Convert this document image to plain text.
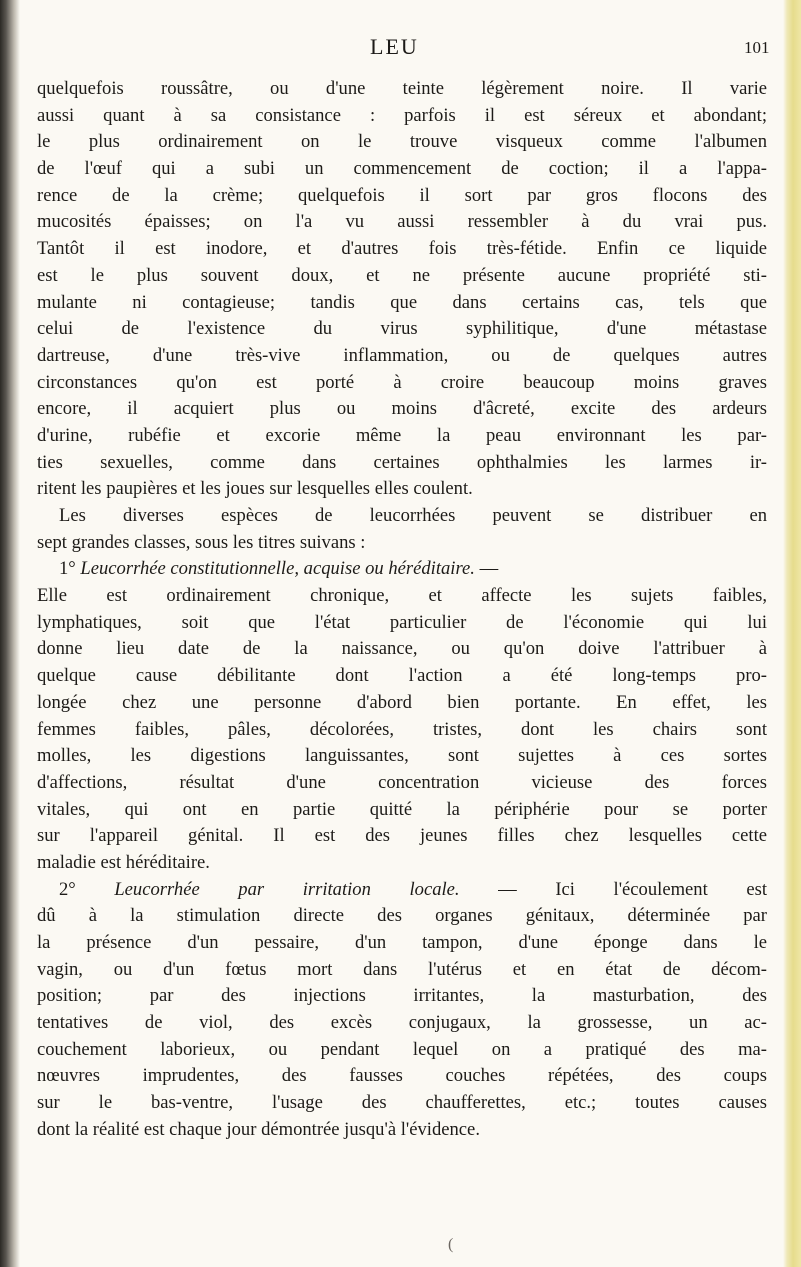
LEU	101
quelquefois roussâtre, ou d'une teinte légèrement noire. Il varie
aussi quant à sa consistance : parfois il est séreux et abondant;
le plus ordinairement on le trouve visqueux comme l'albumen
de l'œuf qui a subi un commencement de coction; il a l'appa-
rence de la crème; quelquefois il sort par gros flocons des
mucosités épaisses; on l'a vu aussi ressembler à du vrai pus.
Tantôt il est inodore, et d'autres fois très-fétide. Enfin ce liquide
est le plus souvent doux, et ne présente aucune propriété sti-
mulante ni contagieuse; tandis que dans certains cas, tels que
celui de l'existence du virus syphilitique, d'une métastase
dartreuse, d'une très-vive inflammation, ou de quelques autres
circonstances qu'on est porté à croire beaucoup moins graves
encore, il acquiert plus ou moins d'âcreté, excite des ardeurs
d'urine, rubéfie et excorie même la peau environnant les par-
ties sexuelles, comme dans certaines ophthalmies les larmes ir-
ritent les paupières et les joues sur lesquelles elles coulent.
Les diverses espèces de leucorrhées peuvent se distribuer en
sept grandes classes, sous les titres suivans :
1° Leucorrhée constitutionnelle, acquise ou héréditaire. —
Elle est ordinairement chronique, et affecte les sujets faibles,
lymphatiques, soit que l'état particulier de l'économie qui lui
donne lieu date de la naissance, ou qu'on doive l'attribuer à
quelque cause débilitante dont l'action a été long-temps pro-
longée chez une personne d'abord bien portante. En effet, les
femmes faibles, pâles, décolorées, tristes, dont les chairs sont
molles, les digestions languissantes, sont sujettes à ces sortes
d'affections, résultat d'une concentration vicieuse des forces
vitales, qui ont en partie quitté la périphérie pour se porter
sur l'appareil génital. Il est des jeunes filles chez lesquelles cette
maladie est héréditaire.
2° Leucorrhée par irritation locale. — Ici l'écoulement est
dû à la stimulation directe des organes génitaux, déterminée par
la présence d'un pessaire, d'un tampon, d'une éponge dans le
vagin, ou d'un fœtus mort dans l'utérus et en état de décom-
position; par des injections irritantes, la masturbation, des
tentatives de viol, des excès conjugaux, la grossesse, un ac-
couchement laborieux, ou pendant lequel on a pratiqué des ma-
nœuvres imprudentes, des fausses couches répétées, des coups
sur le bas-ventre, l'usage des chaufferettes, etc.; toutes causes
dont la réalité est chaque jour démontrée jusqu'à l'évidence.
(
